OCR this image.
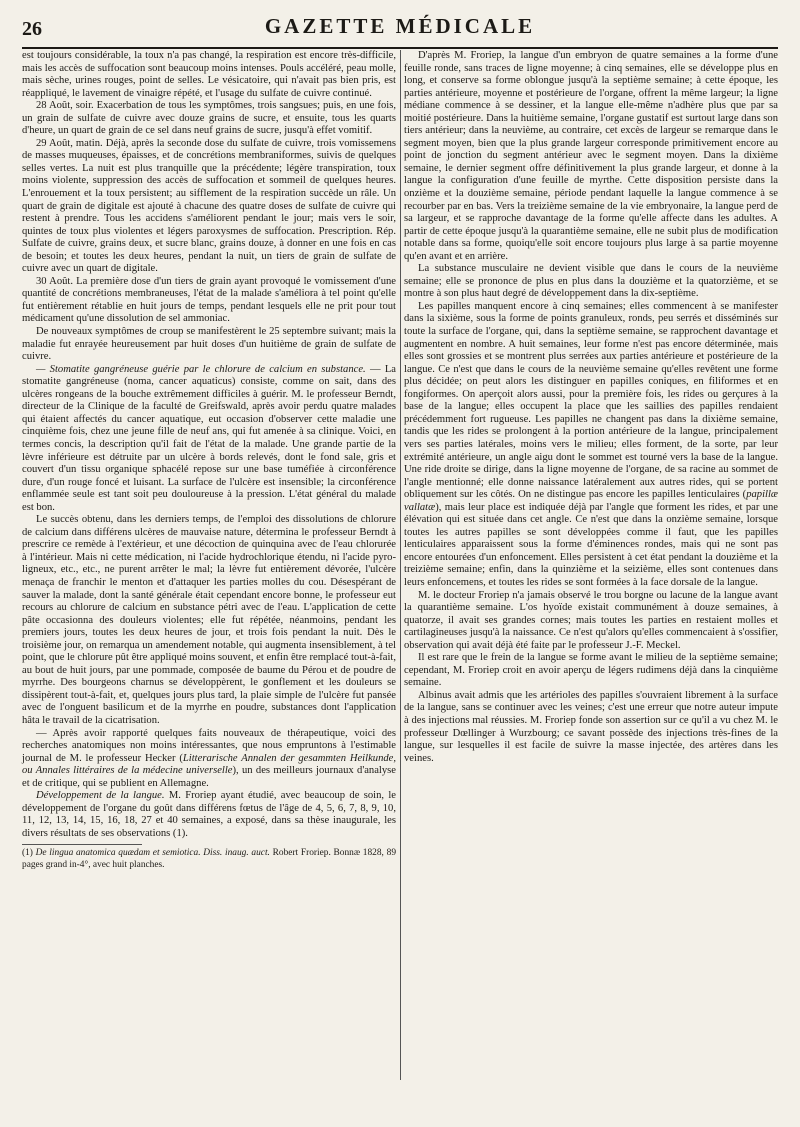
26	GAZETTE MÉDICALE

est toujours considérable, la toux n'a pas changé, la respiration est encore très-difficile, mais les accès de suffocation sont beaucoup moins intenses. Pouls accéléré, peau molle, mais sèche, urines rouges, point de selles. Le vésicatoire, qui n'avait pas bien pris, est réappliqué, le lavement de vinaigre répété, et l'usage du sulfate de cuivre continué.

28 Août, soir. Exacerbation de tous les symptômes, trois sangsues; puis, en une fois, un grain de sulfate de cuivre avec douze grains de sucre, et ensuite, tous les quarts d'heure, un quart de grain de ce sel dans neuf grains de sucre, jusqu'à effet vomitif.

29 Août, matin. Déjà, après la seconde dose du sulfate de cuivre, trois vomissemens de masses muqueuses, épaisses, et de concrétions membraniformes, suivis de quelques selles vertes. La nuit est plus tranquille que la précédente; légère transpiration, toux moins violente, suppression des accès de suffocation et sommeil de quelques heures. L'enrouement et la toux persistent; au sifflement de la respiration succède un râle. Un quart de grain de digitale est ajouté à chacune des quatre doses de sulfate de cuivre qui restent à prendre. Tous les accidens s'améliorent pendant le jour; mais vers le soir, quintes de toux plus violentes et légers paroxysmes de suffocation. Prescription. Rép. Sulfate de cuivre, grains deux, et sucre blanc, grains douze, à donner en une fois en cas de besoin; et toutes les deux heures, pendant la nuit, un tiers de grain de sulfate de cuivre avec un quart de digitale.

30 Août. La première dose d'un tiers de grain ayant provoqué le vomissement d'une quantité de concrétions membraneuses, l'état de la malade s'améliora à tel point qu'elle fut entièrement rétablie en huit jours de temps, pendant lesquels elle ne prit pour tout médicament qu'une dissolution de sel ammoniac.

De nouveaux symptômes de croup se manifestèrent le 25 septembre suivant; mais la maladie fut enrayée heureusement par huit doses d'un huitième de grain de sulfate de cuivre.

— Stomatite gangréneuse guérie par le chlorure de calcium en substance. — La stomatite gangréneuse (noma, cancer aquaticus) consiste, comme on sait, dans des ulcères rongeans de la bouche extrêmement difficiles à guérir. M. le professeur Berndt, directeur de la Clinique de la faculté de Greifswald, après avoir perdu quatre malades qui étaient affectés du cancer aquatique, eut occasion d'observer cette maladie une cinquième fois, chez une jeune fille de neuf ans, qui fut amenée à sa clinique. Voici, en termes concis, la description qu'il fait de l'état de la malade. Une grande partie de la lèvre inférieure est détruite par un ulcère à bords relevés, dont le fond sale, gris et couvert d'un tissu organique sphacélé repose sur une base tuméfiée à circonférence dure, d'un rouge foncé et luisant. La surface de l'ulcère est insensible; la circonférence enflammée seule est tant soit peu douloureuse à la pression. L'état général du malade est bon.

Le succès obtenu, dans les derniers temps, de l'emploi des dissolutions de chlorure de calcium dans différens ulcères de mauvaise nature, détermina le professeur Berndt à prescrire ce remède à l'extérieur, et une décoction de quinquina avec de l'eau chlorurée à l'intérieur. Mais ni cette médication, ni l'acide hydrochlorique étendu, ni l'acide pyro-ligneux, etc., etc., ne purent arrêter le mal; la lèvre fut entièrement dévorée, l'ulcère menaça de franchir le menton et d'attaquer les parties molles du cou. Désespérant de sauver la malade, dont la santé générale était cependant encore bonne, le professeur eut recours au chlorure de calcium en substance pétri avec de l'eau. L'application de cette pâte occasionna des douleurs violentes; elle fut répétée, néanmoins, pendant les premiers jours, toutes les deux heures de jour, et trois fois pendant la nuit. Dès le troisième jour, on remarqua un amendement notable, qui augmenta insensiblement, à tel point, que le chlorure pût être appliqué moins souvent, et enfin être remplacé tout-à-fait, au bout de huit jours, par une pommade, composée de baume du Pérou et de poudre de myrrhe. Des bourgeons charnus se développèrent, le gonflement et les douleurs se dissipèrent tout-à-fait, et, quelques jours plus tard, la plaie simple de l'ulcère fut pansée avec de l'onguent basilicum et de la myrrhe en poudre, substances dont l'application hâta le travail de la cicatrisation.

— Après avoir rapporté quelques faits nouveaux de thérapeutique, voici des recherches anatomiques non moins intéressantes, que nous empruntons à l'estimable journal de M. le professeur Hecker (Litterarische Annalen der gesammten Heilkunde, ou Annales littéraires de la médecine universelle), un des meilleurs journaux d'analyse et de critique, qui se publient en Allemagne.

Développement de la langue. M. Froriep ayant étudié, avec beaucoup de soin, le développement de l'organe du goût dans différens fœtus de l'âge de 4, 5, 6, 7, 8, 9, 10, 11, 12, 13, 14, 15, 16, 18, 27 et 40 semaines, a exposé, dans sa thèse inaugurale, les divers résultats de ses observations (1).

(1) De lingua anatomica quædam et semiotica. Diss. inaug. auct. Robert Froriep. Bonnæ 1828, 89 pages grand in-4°, avec huit planches.

D'après M. Froriep, la langue d'un embryon de quatre semaines a la forme d'une feuille ronde, sans traces de ligne moyenne; à cinq semaines, elle se développe plus en long, et conserve sa forme oblongue jusqu'à la septième semaine; à cette époque, les parties antérieure, moyenne et postérieure de l'organe, offrent la même largeur; la ligne médiane commence à se dessiner, et la langue elle-même n'adhère plus que par sa moitié postérieure. Dans la huitième semaine, l'organe gustatif est surtout large dans son tiers antérieur; dans la neuvième, au contraire, cet excès de largeur se remarque dans le segment moyen, bien que la plus grande largeur corresponde primitivement encore au point de jonction du segment antérieur avec le segment moyen. Dans la dixième semaine, le dernier segment offre définitivement la plus grande largeur, et donne à la langue la configuration d'une feuille de myrthe. Cette disposition persiste dans la onzième et la douzième semaine, période pendant laquelle la langue commence à se recourber par en bas. Vers la treizième semaine de la vie embryonaire, la langue perd de sa largeur, et se rapproche davantage de la forme qu'elle affecte dans les adultes. A partir de cette époque jusqu'à la quarantième semaine, elle ne subit plus de modification notable dans sa forme, quoiqu'elle soit encore toujours plus large à sa partie moyenne qu'en avant et en arrière.

La substance musculaire ne devient visible que dans le cours de la neuvième semaine; elle se prononce de plus en plus dans la douzième et la quatorzième, et se montre à son plus haut degré de développement dans la dix-septième.

Les papilles manquent encore à cinq semaines; elles commencent à se manifester dans la sixième, sous la forme de points granuleux, ronds, peu serrés et disséminés sur toute la surface de l'organe, qui, dans la septième semaine, se rapprochent davantage et augmentent en nombre. A huit semaines, leur forme n'est pas encore déterminée, mais elles sont grossies et se montrent plus serrées aux parties antérieure et postérieure de la langue. Ce n'est que dans le cours de la neuvième semaine qu'elles revêtent une forme plus décidée; on peut alors les distinguer en papilles coniques, en filiformes et en fongiformes. On aperçoit alors aussi, pour la première fois, les rides ou gerçures à la base de la langue; elles occupent la place que les saillies des papilles rendaient précédemment fort rugueuse. Les papilles ne changent pas dans la dixième semaine, tandis que les rides se prolongent à la portion antérieure de la langue, principalement vers ses parties latérales, moins vers le milieu; elles forment, de la sorte, par leur extrémité antérieure, un angle aigu dont le sommet est tourné vers la base de la langue. Une ride droite se dirige, dans la ligne moyenne de l'organe, de sa racine au sommet de l'angle mentionné; elle donne naissance latéralement aux autres rides, qui se portent obliquement sur les côtés. On ne distingue pas encore les papilles lenticulaires (papillæ vallatæ), mais leur place est indiquée déjà par l'angle que forment les rides, et par une élévation qui est située dans cet angle. Ce n'est que dans la onzième semaine, lorsque toutes les autres papilles se sont développées comme il faut, que les papilles lenticulaires apparaissent sous la forme d'éminences rondes, mais qui ne sont pas encore entourées d'un enfoncement. Elles persistent à cet état pendant la douzième et la treizième semaine; enfin, dans la quinzième et la seizième, elles sont contenues dans leurs enfoncemens, et toutes les rides se sont formées à la face dorsale de la langue.

M. le docteur Froriep n'a jamais observé le trou borgne ou lacune de la langue avant la quarantième semaine. L'os hyoïde existait communément à douze semaines, à quatorze, il avait ses grandes cornes; mais toutes les parties en restaient molles et cartilagineuses jusqu'à la naissance. Ce n'est qu'alors qu'elles commencaient à s'ossifier, observation qui avait déjà été faite par le professeur J.-F. Meckel.

Il est rare que le frein de la langue se forme avant le milieu de la septième semaine; cependant, M. Froriep croit en avoir aperçu de légers rudimens déjà dans la cinquième semaine.

Albinus avait admis que les artérioles des papilles s'ouvraient librement à la surface de la langue, sans se continuer avec les veines; c'est une erreur que notre auteur impute à des injections mal réussies. M. Froriep fonde son assertion sur ce qu'il a vu chez M. le professeur Dœllinger à Wurzbourg; ce savant possède des injections très-fines de la langue, sur lesquelles il est facile de suivre la masse injectée, des artères dans les veines.
